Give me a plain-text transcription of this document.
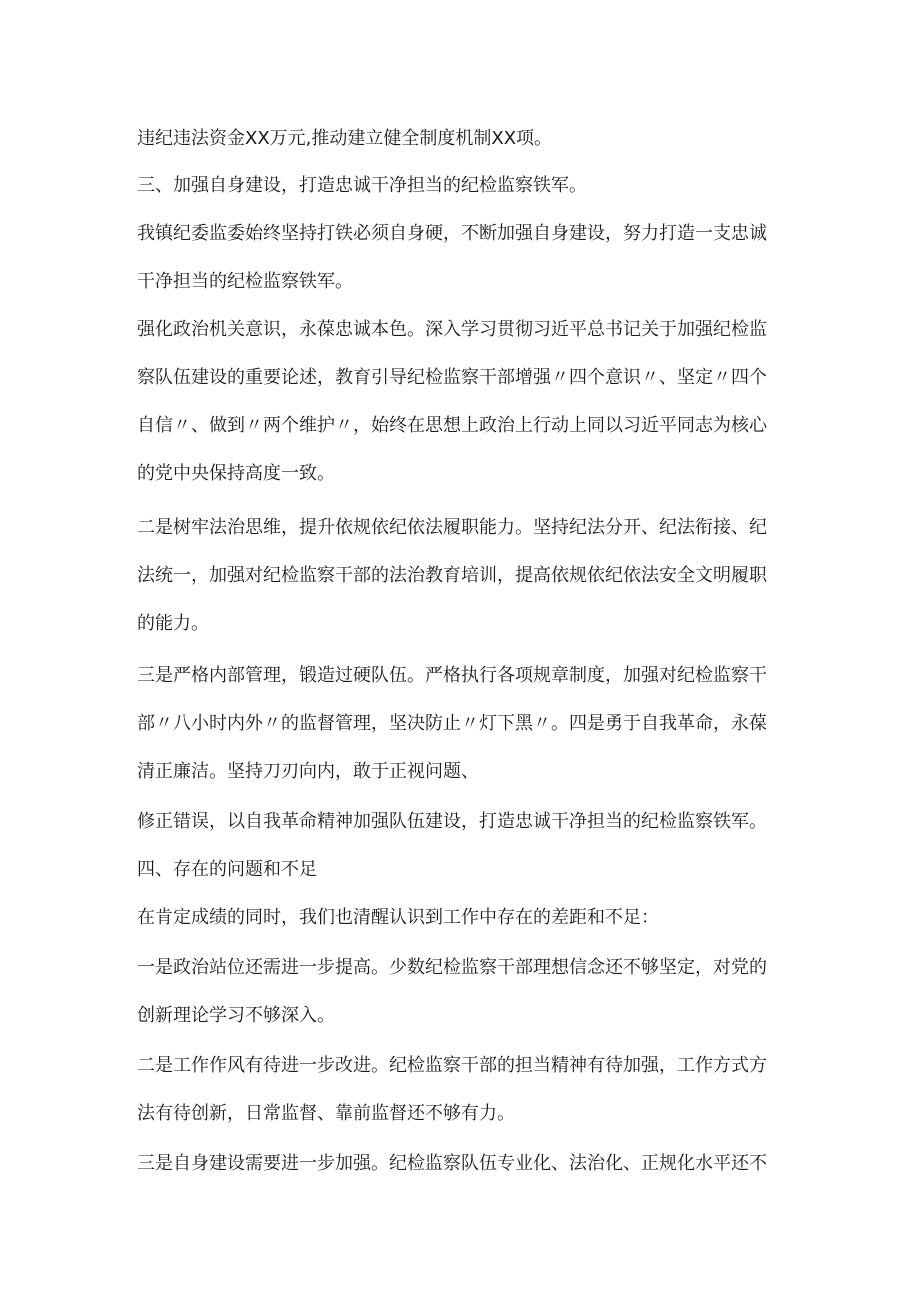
违纪违法资金XX万元,推动建立健全制度机制XX项。
三、加强自身建设，打造忠诚干净担当的纪检监察铁军。
我镇纪委监委始终坚持打铁必须自身硬，不断加强自身建设，努力打造一支忠诚
干净担当的纪检监察铁军。
强化政治机关意识，永葆忠诚本色。深入学习贯彻习近平总书记关于加强纪检监
察队伍建设的重要论述，教育引导纪检监察干部增强〃四个意识〃、坚定〃四个
自信〃、做到〃两个维护〃，始终在思想上政治上行动上同以习近平同志为核心
的党中央保持高度一致。
二是树牢法治思维，提升依规依纪依法履职能力。坚持纪法分开、纪法衔接、纪
法统一，加强对纪检监察干部的法治教育培训，提高依规依纪依法安全文明履职
的能力。
三是严格内部管理，锻造过硬队伍。严格执行各项规章制度，加强对纪检监察干
部〃八小时内外〃的监督管理，坚决防止〃灯下黑〃。四是勇于自我革命，永葆
清正廉洁。坚持刀刃向内，敢于正视问题、
修正错误，以自我革命精神加强队伍建设，打造忠诚干净担当的纪检监察铁军。
四、存在的问题和不足
在肯定成绩的同时，我们也清醒认识到工作中存在的差距和不足：
一是政治站位还需进一步提高。少数纪检监察干部理想信念还不够坚定，对党的
创新理论学习不够深入。
二是工作作风有待进一步改进。纪检监察干部的担当精神有待加强，工作方式方
法有待创新，日常监督、靠前监督还不够有力。
三是自身建设需要进一步加强。纪检监察队伍专业化、法治化、正规化水平还不
